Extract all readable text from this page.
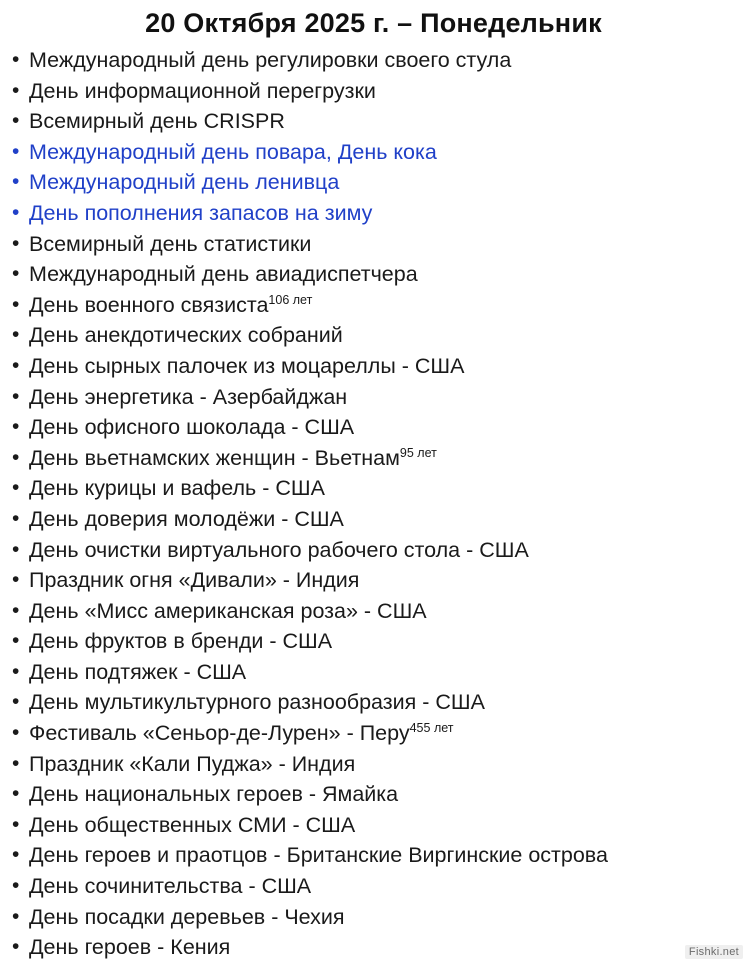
20 Октября 2025 г. – Понедельник
• Международный день регулировки своего стула
• День информационной перегрузки
• Всемирный день CRISPR
• Международный день повара, День кока
• Международный день ленивца
• День пополнения запасов на зиму
• Всемирный день статистики
• Международный день авиадиспетчера
• День военного связиста$^{106 лет}$
• День анекдотических собраний
• День сырных палочек из моцареллы - США
• День энергетика - Азербайджан
• День офисного шоколада - США
• День вьетнамских женщин - Вьетнам$^{95 лет}$
• День курицы и вафель - США
• День доверия молодёжи - США
• День очистки виртуального рабочего стола - США
• Праздник огня «Дивали» - Индия
• День «Мисс американская роза» - США
• День фруктов в бренди - США
• День подтяжек - США
• День мультикультурного разнообразия - США
• Фестиваль «Сеньор-де-Лурен» - Перу$^{455 лет}$
• Праздник «Кали Пуджа» - Индия
• День национальных героев - Ямайка
• День общественных СМИ - США
• День героев и праотцов - Британские Виргинские острова
• День сочинительства - США
• День посадки деревьев - Чехия
• День героев - Кения	Fishki.net
